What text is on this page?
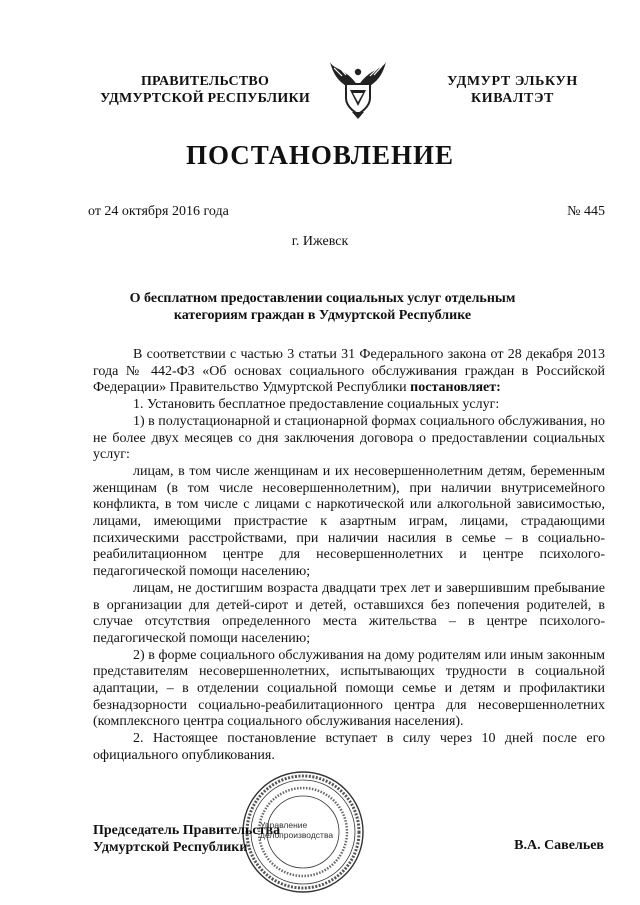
ПРАВИТЕЛЬСТВО
УДМУРТСКОЙ РЕСПУБЛИКИ
УДМУРТ ЭЛЬКУН
КИВАЛТЭТ
ПОСТАНОВЛЕНИЕ
от 24 октября 2016 года	№ 445
г. Ижевск
О бесплатном предоставлении социальных услуг отдельным категориям граждан в Удмуртской Республике

В соответствии с частью 3 статьи 31 Федерального закона от 28 декабря 2013 года № 442-ФЗ «Об основах социального обслуживания граждан в Российской Федерации» Правительство Удмуртской Республики постановляет:

1. Установить бесплатное предоставление социальных услуг:

1) в полустационарной и стационарной формах социального обслуживания, но не более двух месяцев со дня заключения договора о предоставлении социальных услуг:

лицам, в том числе женщинам и их несовершеннолетним детям, беременным женщинам (в том числе несовершеннолетним), при наличии внутрисемейного конфликта, в том числе с лицами с наркотической или алкогольной зависимостью, лицами, имеющими пристрастие к азартным играм, лицами, страдающими психическими расстройствами, при наличии насилия в семье – в социально-реабилитационном центре для несовершеннолетних и центре психолого-педагогической помощи населению;

лицам, не достигшим возраста двадцати трех лет и завершившим пребывание в организации для детей-сирот и детей, оставшихся без попечения родителей, в случае отсутствия определенного места жительства – в центре психолого-педагогической помощи населению;

2) в форме социального обслуживания на дому родителям или иным законным представителям несовершеннолетних, испытывающих трудности в социальной адаптации, – в отделении социальной помощи семье и детям и профилактики безнадзорности социально-реабилитационного центра для несовершеннолетних (комплексного центра социального обслуживания населения).

2. Настоящее постановление вступает в силу через 10 дней после его официального опубликования.

Управление
делопроизводства
Председатель Правительства
Удмуртской Республики	В.А. Савельев
